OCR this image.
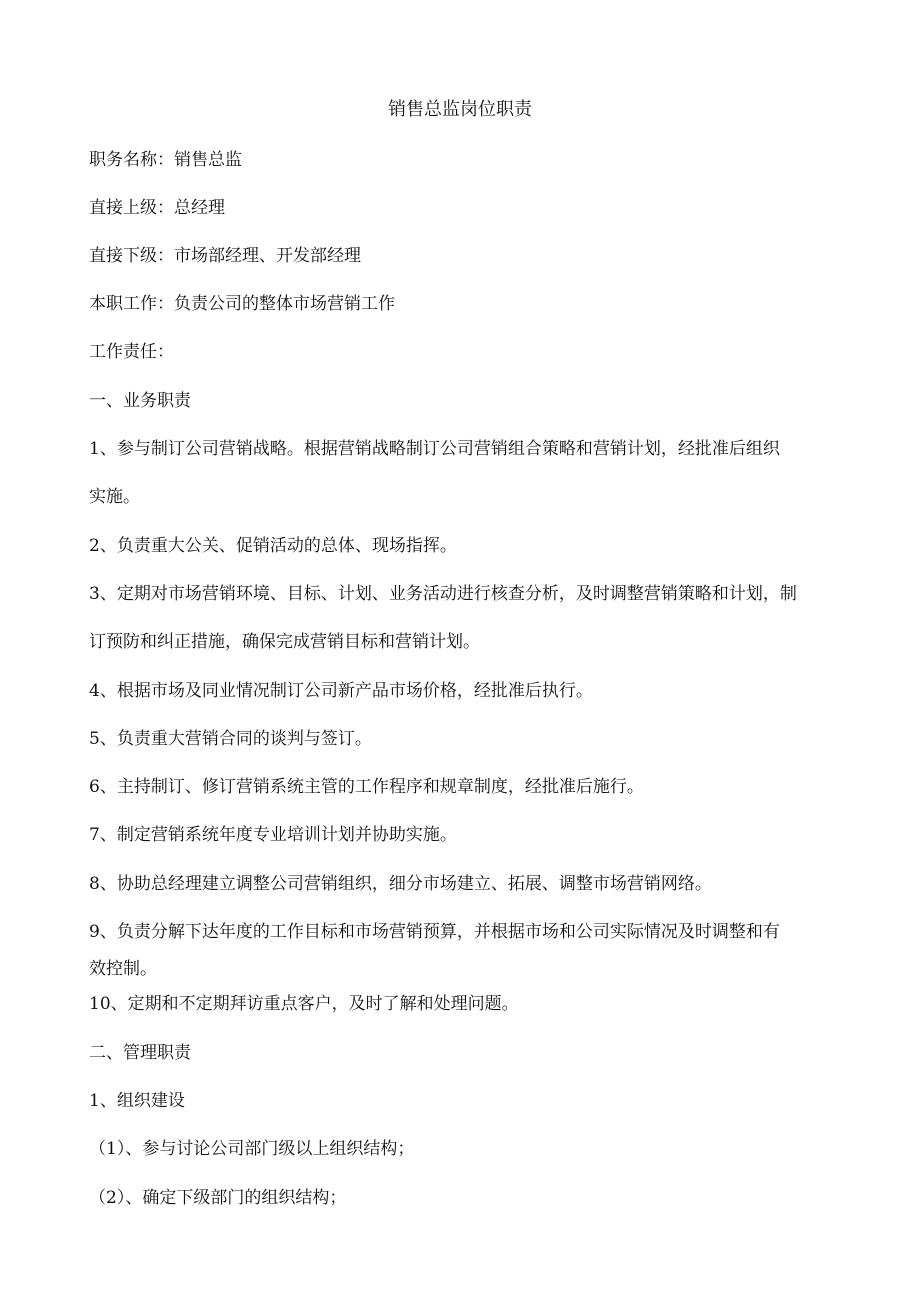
销售总监岗位职责
职务名称：销售总监
直接上级：总经理
直接下级：市场部经理、开发部经理
本职工作：负责公司的整体市场营销工作
工作责任：
一、业务职责
1、参与制订公司营销战略。根据营销战略制订公司营销组合策略和营销计划，经批准后组织
实施。
2、负责重大公关、促销活动的总体、现场指挥。
3、定期对市场营销环境、目标、计划、业务活动进行核查分析，及时调整营销策略和计划，制
订预防和纠正措施，确保完成营销目标和营销计划。
4、根据市场及同业情况制订公司新产品市场价格，经批准后执行。
5、负责重大营销合同的谈判与签订。
6、主持制订、修订营销系统主管的工作程序和规章制度，经批准后施行。
7、制定营销系统年度专业培训计划并协助实施。
8、协助总经理建立调整公司营销组织，细分市场建立、拓展、调整市场营销网络。
9、负责分解下达年度的工作目标和市场营销预算，并根据市场和公司实际情况及时调整和有
效控制。
10、定期和不定期拜访重点客户，及时了解和处理问题。
二、管理职责
1、组织建设
（1）、参与讨论公司部门级以上组织结构；
（2）、确定下级部门的组织结构；
